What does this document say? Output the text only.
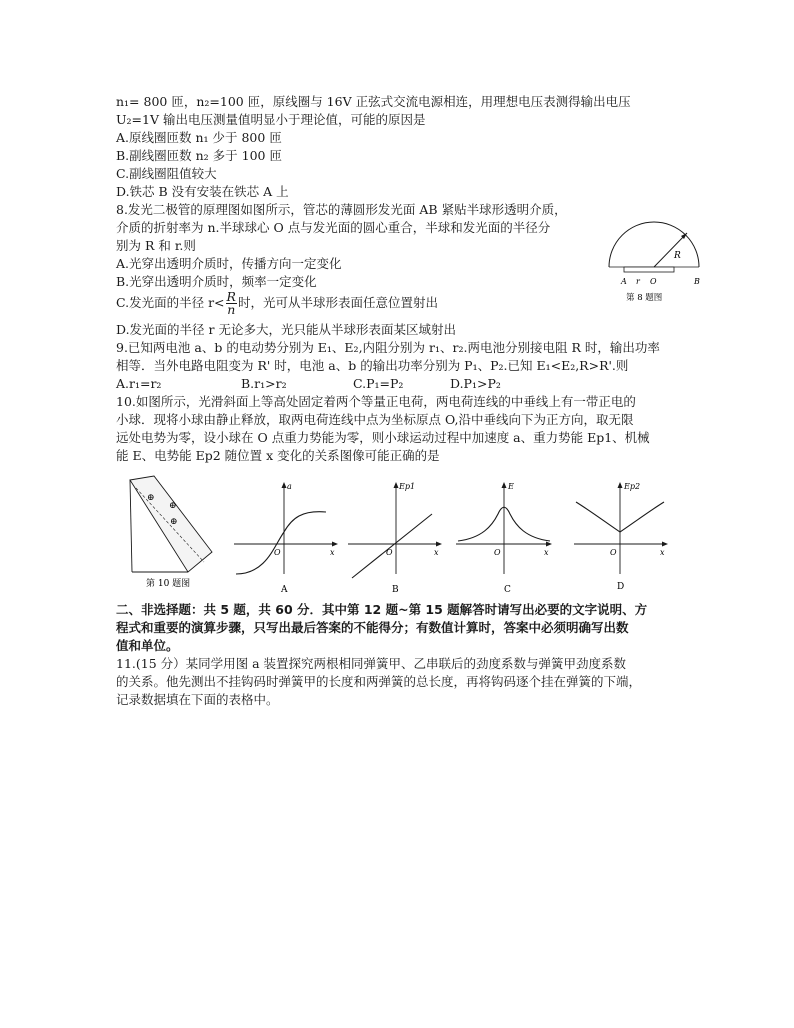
n₁= 800 匝，n₂=100 匝，原线圈与 16V 正弦式交流电源相连，用理想电压表测得输出电压
U₂=1V 输出电压测量值明显小于理论值，可能的原因是
A.原线圈匝数 n₁ 少于 800 匝
B.副线圈匝数 n₂ 多于 100 匝
C.副线圈阻值较大
D.铁芯 B 没有安装在铁芯 A 上
8.发光二极管的原理图如图所示，管芯的薄圆形发光面 AB 紧贴半球形透明介质，
介质的折射率为 n.半球球心 O 点与发光面的圆心重合，半球和发光面的半径分
别为 R 和 r.则
A.光穿出透明介质时，传播方向一定变化
B.光穿出透明介质时，频率一定变化
C.发光面的半径 $r< \frac{R}{n}$ 时，光可从半球形表面任意位置射出
D.发光面的半径 r 无论多大，光只能从半球形表面某区域射出
9.已知两电池 a、b 的电动势分别为 E₁、E₂,内阻分别为 r₁、r₂.两电池分别接电阻 R 时，输出功率
相等．当外电路电阻变为 R' 时，电池 a、b 的输出功率分别为 P₁、P₂.已知 E₁<E₂,R>R'.则
A.r₁=r₂	B.r₁>r₂	C.P₁=P₂	D.P₁>P₂
10.如图所示，光滑斜面上等高处固定着两个等量正电荷，两电荷连线的中垂线上有一带正电的
小球．现将小球由静止释放，取两电荷连线中点为坐标原点 O,沿中垂线向下为正方向，取无限
远处电势为零，设小球在 O 点重力势能为零，则小球运动过程中加速度 a、重力势能 Ep1、机械
能 E、电势能 Ep2 随位置 x 变化的关系图像可能正确的是
R
A r O	B
第 8 题图
⊕
⊕
⊕
第 10 题图
a
O	x
A
Ep1
O	x
B
E
O	x
C
Ep2
O	x
D
二、非选择题：共 5 题，共 60 分．其中第 12 题~第 15 题解答时请写出必要的文字说明、方
程式和重要的演算步骤，只写出最后答案的不能得分；有数值计算时，答案中必须明确写出数
值和单位。
11.(15 分）某同学用图 a 装置探究两根相同弹簧甲、乙串联后的劲度系数与弹簧甲劲度系数
的关系。他先测出不挂钩码时弹簧甲的长度和两弹簧的总长度，再将钩码逐个挂在弹簧的下端，
记录数据填在下面的表格中。
